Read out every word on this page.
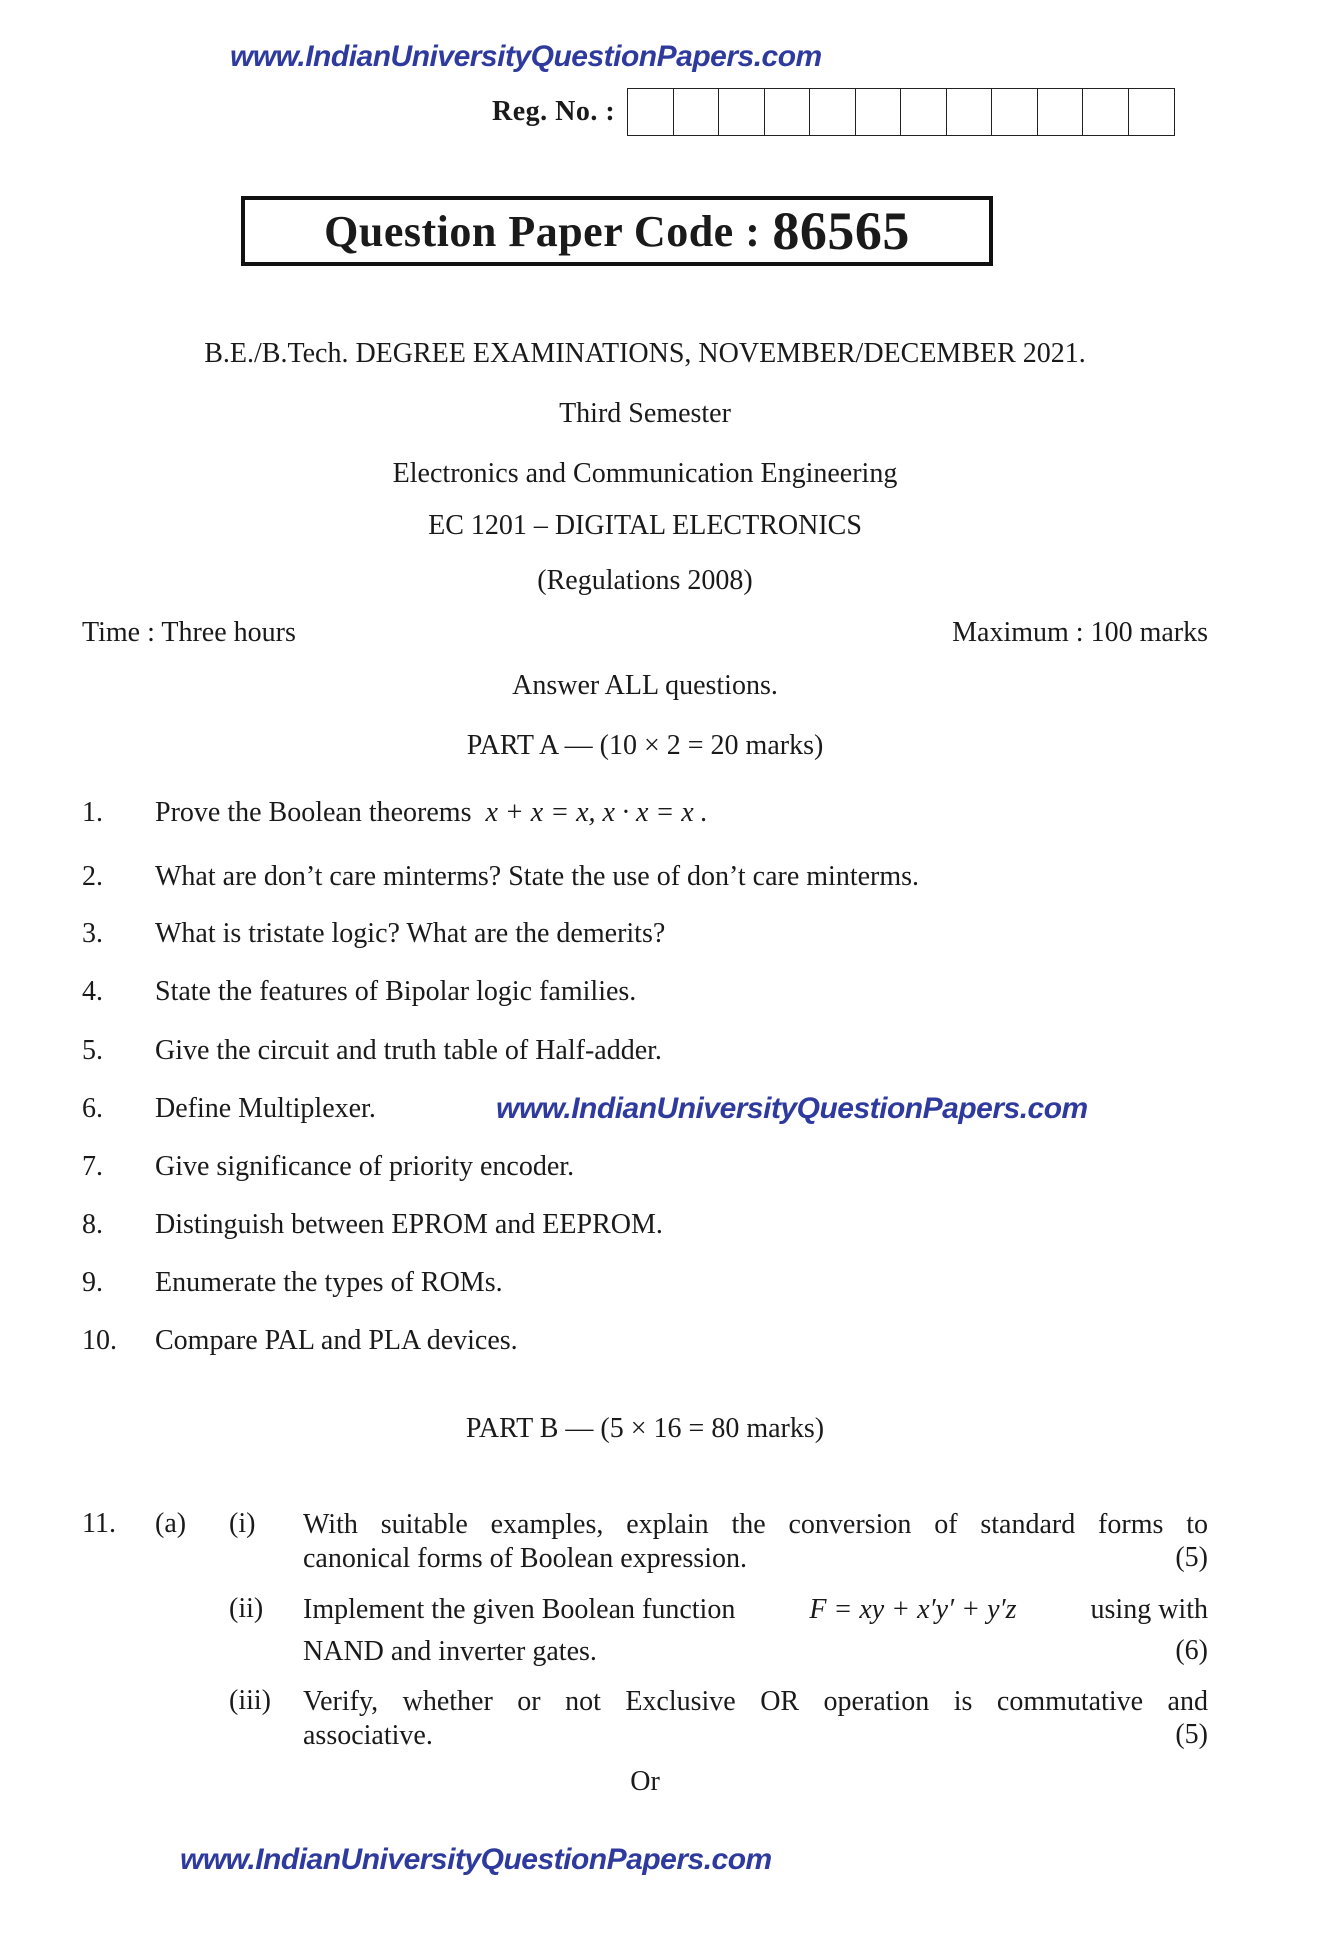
www.IndianUniversityQuestionPapers.com
www.IndianUniversityQuestionPapers.com
www.IndianUniversityQuestionPapers.com
Reg. No. :
Question Paper Code : 86565
B.E./B.Tech. DEGREE EXAMINATIONS, NOVEMBER/DECEMBER 2021.
Third Semester
Electronics and Communication Engineering
EC 1201 – DIGITAL ELECTRONICS
(Regulations 2008)
Time : Three hours	Maximum : 100 marks
Answer ALL questions.
PART A — (10 × 2 = 20 marks)
1. Prove the Boolean theorems x + x = x, x · x = x .
2. What are don’t care minterms? State the use of don’t care minterms.
3. What is tristate logic? What are the demerits?
4. State the features of Bipolar logic families.
5. Give the circuit and truth table of Half-adder.
6. Define Multiplexer.
7. Give significance of priority encoder.
8. Distinguish between EPROM and EEPROM.
9. Enumerate the types of ROMs.
10. Compare PAL and PLA devices.
PART B — (5 × 16 = 80 marks)
11. (a) (i) With suitable examples, explain the conversion of standard forms to
canonical forms of Boolean expression.	(5)
(ii) Implement the given Boolean function	F = xy + x′y′ + y′z	using with
NAND and inverter gates.	(6)
(iii) Verify, whether or not Exclusive OR operation is commutative and
associative.	(5)
Or
